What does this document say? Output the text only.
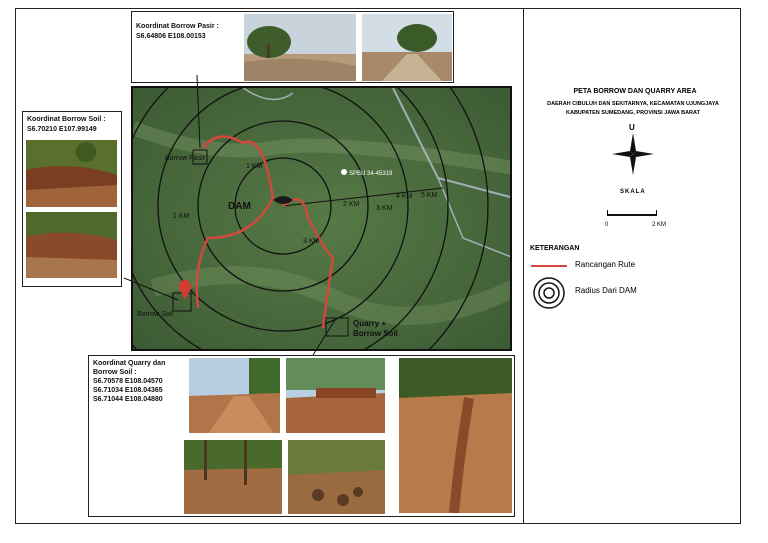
Koordinat Borrow Pasir :
S6.64806 E108.00153
Koordinat Borrow Soil :
S6.70210 E107.99149
Koordinat Quarry dan
Borrow Soil :
S6.70578 E108.04570
S6.71034 E108.04365
S6.71044 E108.04880
DAM
1 KM
2 KM
3 KM
4 KM 5 KM
1 KM
3 KM
SPBU 34-45319
Borrow Pasir
Borrow Soil
Quarry +
Borrow Soil
PETA BORROW DAN QUARRY AREA
DAERAH CIBULUH DAN SEKITARNYA, KECAMATAN UJUNGJAYA
KABUPATEN SUMEDANG, PROVINSI JAWA BARAT
U
SKALA
0	2 KM
KETERANGAN
Rancangan Rute
Radius Dari DAM
